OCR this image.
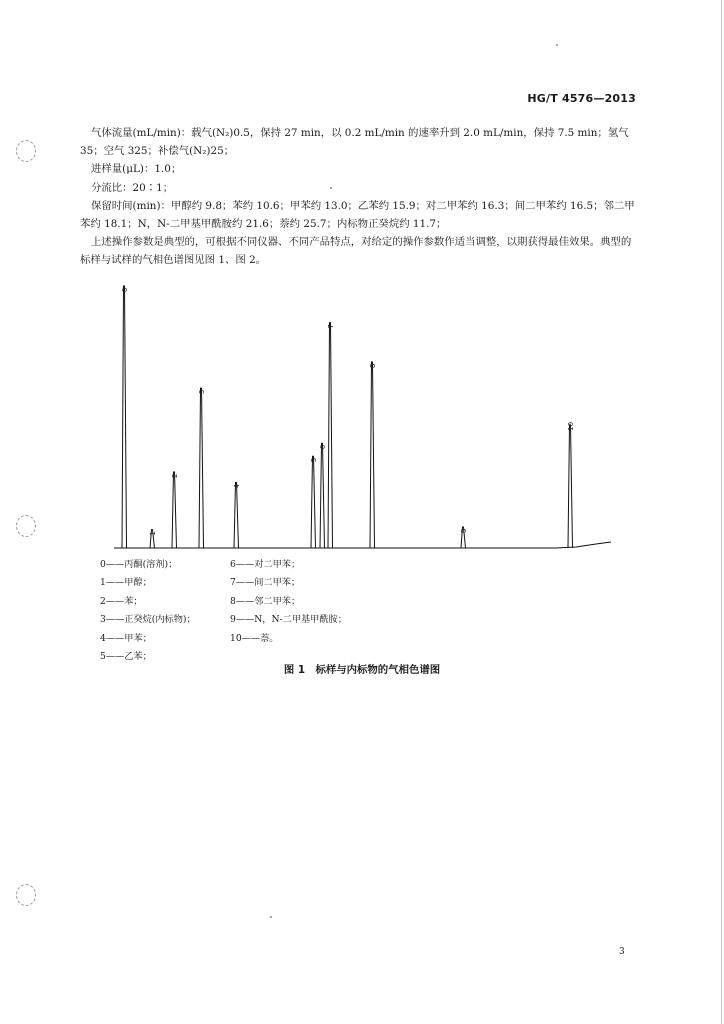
HG/T 4576—2013

气体流量(mL/min)：载气(N₂)0.5，保持 27 min，以 0.2 mL/min 的速率升到 2.0 mL/min，保持 7.5 min；氢气 35；空气 325；补偿气(N₂)25；

进样量(μL)：1.0；

分流比：20∶1；

保留时间(min)：甲醇约 9.8；苯约 10.6；甲苯约 13.0；乙苯约 15.9；对二甲苯约 16.3；间二甲苯约 16.5；邻二甲苯约 18.1；N，N-二甲基甲酰胺约 21.6；萘约 25.7；内标物正癸烷约 11.7；

上述操作参数是典型的，可根据不同仪器、不同产品特点，对给定的操作参数作适当调整，以期获得最佳效果。典型的标样与试样的气相色谱图见图 1、图 2。

0
1
2
3
4
5
6
7
8
9
10
0——丙酮(溶剂)；
1——甲醇；
2——苯；
3——正癸烷(内标物)；
4——甲苯；
5——乙苯；
6——对二甲苯；
7——间二甲苯；
8——邻二甲苯；
9——N，N-二甲基甲酰胺；
10——萘。
图 1　标样与内标物的气相色谱图
3
